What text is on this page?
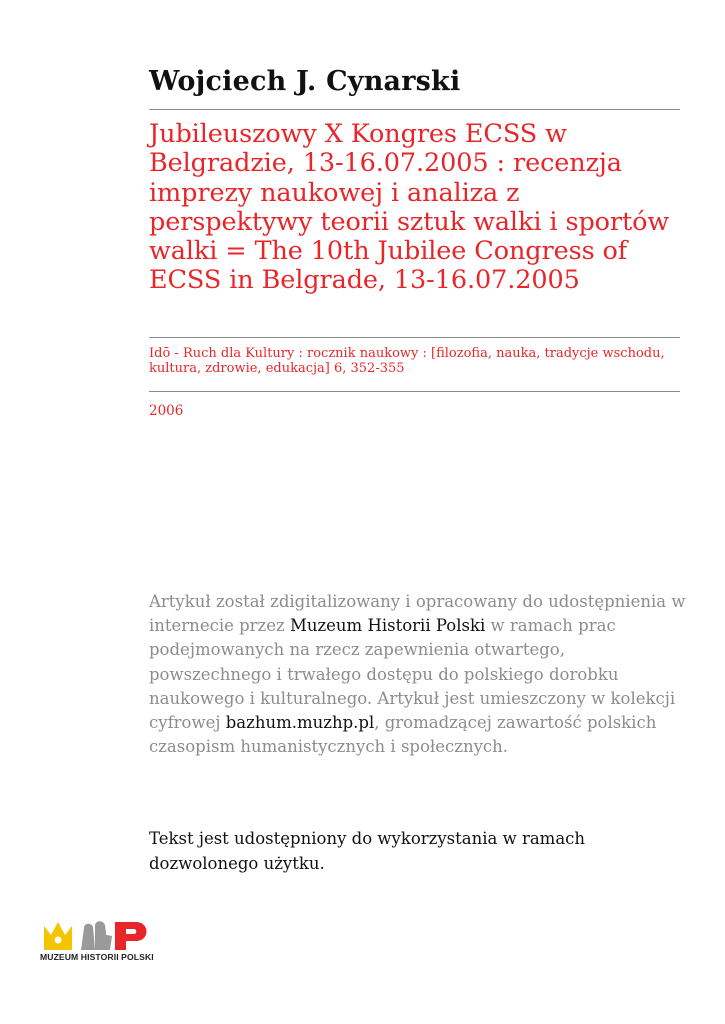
Wojciech J. Cynarski
Jubileuszowy X Kongres ECSS w Belgradzie, 13-16.07.2005 : recenzja imprezy naukowej i analiza z perspektywy teorii sztuk walki i sportów walki = The 10th Jubilee Congress of ECSS in Belgrade, 13-16.07.2005
Idō - Ruch dla Kultury : rocznik naukowy : [filozofia, nauka, tradycje wschodu, kultura, zdrowie, edukacja] 6, 352-355
2006
Artykuł został zdigitalizowany i opracowany do udostępnienia w internecie przez Muzeum Historii Polski w ramach prac podejmowanych na rzecz zapewnienia otwartego, powszechnego i trwałego dostępu do polskiego dorobku naukowego i kulturalnego. Artykuł jest umieszczony w kolekcji cyfrowej bazhum.muzhp.pl, gromadzącej zawartość polskich czasopism humanistycznych i społecznych.
Tekst jest udostępniony do wykorzystania w ramach dozwolonego użytku.
MUZEUM HISTORII POLSKI
